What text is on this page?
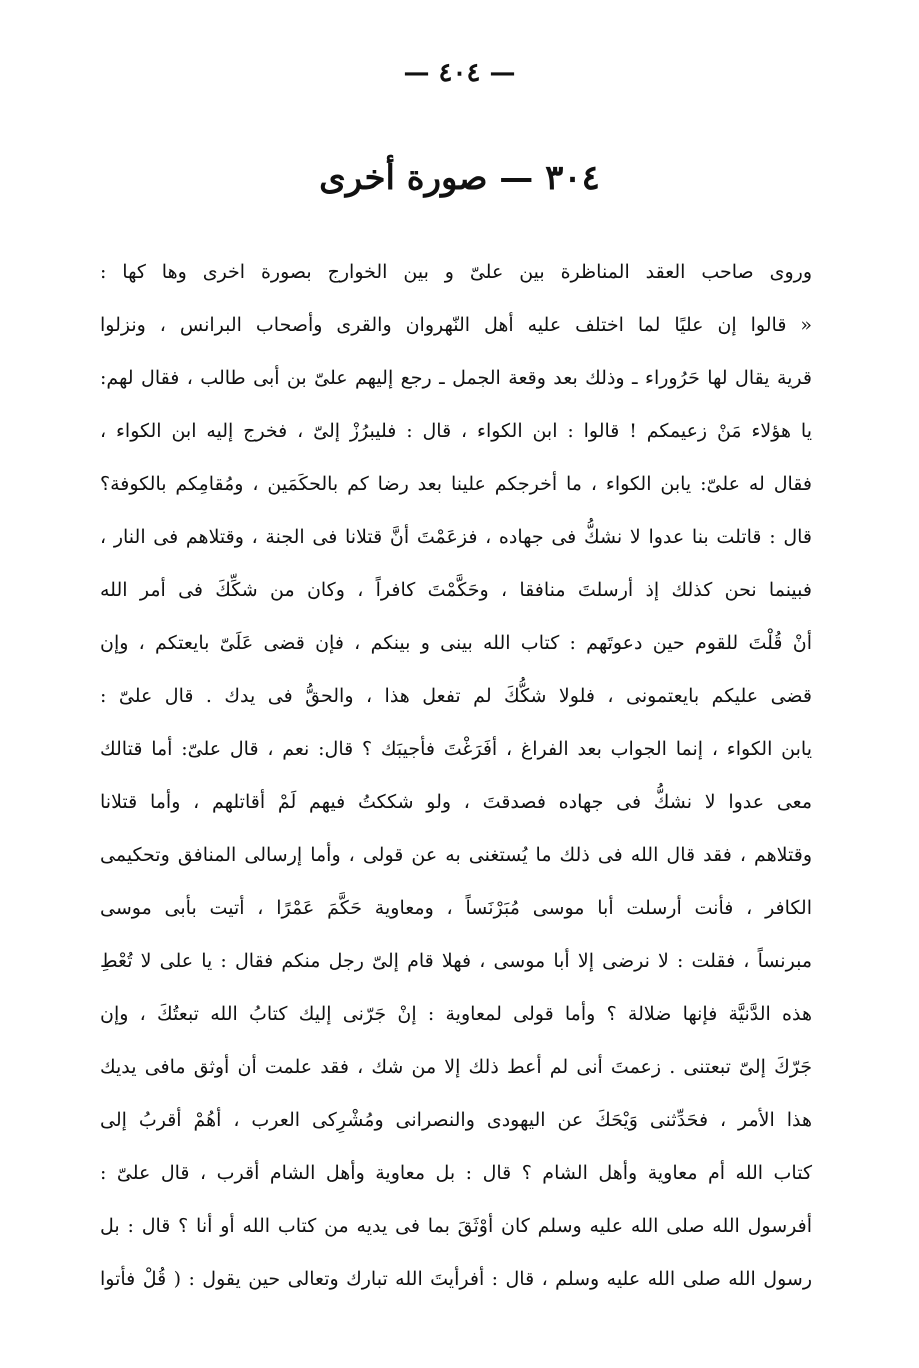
— ٤٠٤ —
٣٠٤ — صورة أخرى
وروى صاحب العقد المناظرة بين علىّ و بين الخوارج بصورة اخرى وها كها :
« قالوا إن عليًا لما اختلف عليه أهل النّهروان والقرى وأصحاب البرانس ، ونزلوا
قرية يقال لها حَرُوراء ـ وذلك بعد وقعة الجمل ـ رجع إليهم علىّ بن أبى طالب ، فقال لهم:
يا هؤلاء مَنْ زعيمكم ! قالوا : ابن الكواء ، قال : فليبرُزْ إلىّ ، فخرج إليه ابن الكواء ،
فقال له علىّ: يابن الكواء ، ما أخرجكم علينا بعد رضا كم بالحكَمَين ، ومُقامِكم بالكوفة؟
قال : قاتلت بنا عدوا لا نشكُّ فى جهاده ، فزعَمْتَ أنَّ قتلانا فى الجنة ، وقتلاهم فى النار ،
فبينما نحن كذلك إذ أرسلتَ منافقا ، وحَكَّمْتَ كافراً ، وكان من شكِّكَ فى أمر الله
أنْ قُلْتَ للقوم حين دعوتَهم : كتاب الله بينى و بينكم ، فإن قضى عَلَىّ بايعتكم ، وإن
قضى عليكم بايعتمونى ، فلولا شكُّكَ لم تفعل هذا ، والحقُّ فى يدك . قال علىّ :
يابن الكواء ، إنما الجواب بعد الفراغ ، أفَرَغْتَ فأجيبَك ؟ قال: نعم ، قال علىّ: أما قتالك
معى عدوا لا نشكُّ فى جهاده فصدقتَ ، ولو شككتُ فيهم لَمْ أقاتلهم ، وأما قتلانا
وقتلاهم ، فقد قال الله فى ذلك ما يُستغنى به عن قولى ، وأما إرسالى المنافق وتحكيمى
الكافر ، فأنت أرسلت أبا موسى مُبَرْنَساً ، ومعاوية حَكَّمَ عَمْرًا ، أتيت بأبى موسى
مبرنساً ، فقلت : لا نرضى إلا أبا موسى ، فهلا قام إلىّ رجل منكم فقال : يا على لا تُعْطِ
هذه الدَّنيَّة فإنها ضلالة ؟ وأما قولى لمعاوية : إنْ جَرّنى إليك كتابُ الله تبعتُكَ ، وإن
جَرّكَ إلىّ تبعتنى . زعمتَ أنى لم أعط ذلك إلا من شك ، فقد علمت أن أوثق مافى يديك
هذا الأمر ، فحَدِّثنى وَيْحَكَ عن اليهودى والنصرانى ومُشْرِكى العرب ، أهُمْ أقربُ إلى
كتاب الله أم معاوية وأهل الشام ؟ قال : بل معاوية وأهل الشام أقرب ، قال علىّ :
أفرسول الله صلى الله عليه وسلم كان أوْثَقَ بما فى يديه من كتاب الله أو أنا ؟ قال : بل
رسول الله صلى الله عليه وسلم ، قال : أفرأيتَ الله تبارك وتعالى حين يقول : ( قُلْ فأتوا
